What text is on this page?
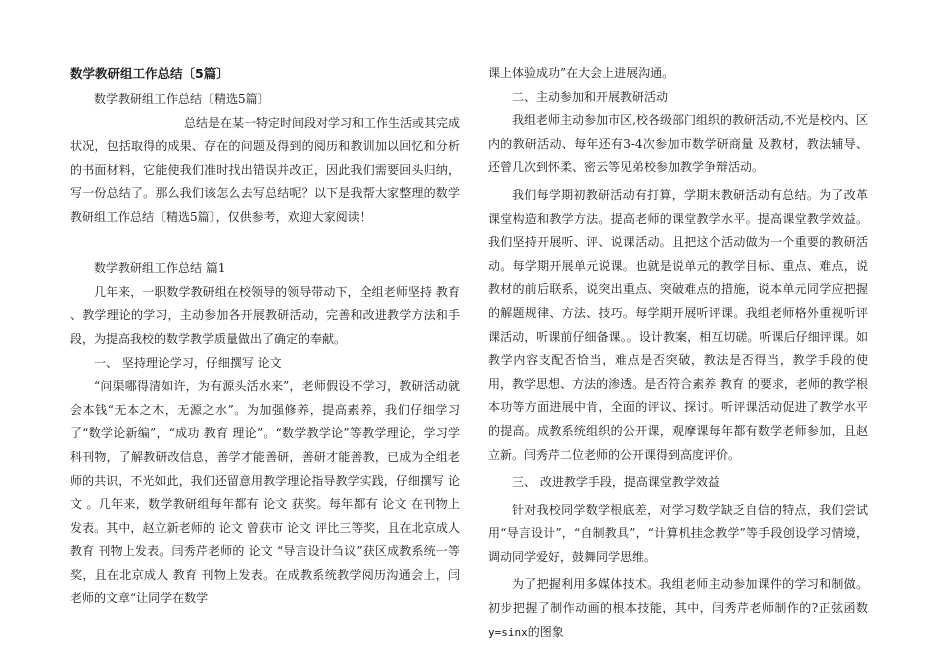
数学教研组工作总结〔5篇〕

数学教研组工作总结〔精选5篇〕

总结是在某一特定时间段对学习和工作生活或其完成状况，包括取得的成果、存在的问题及得到的阅历和教训加以回忆和分析的书面材料，它能使我们准时找出错误并改正，因此我们需要回头归纳，写一份总结了。那么我们该怎么去写总结呢？以下是我帮大家整理的数学教研组工作总结〔精选5篇〕，仅供参考，欢迎大家阅读！

数学教研组工作总结 篇1

几年来，一职数学教研组在校领导的领导带动下，全组老师坚持 教育 、教学理论的学习，主动参加各开展教研活动，完善和改进教学方法和手段，为提高我校的数学教学质量做出了确定的奉献。

一、 坚持理论学习，仔细撰写 论文

“问渠哪得清如许，为有源头活水来”，老师假设不学习，教研活动就会本钱“无本之木，无源之水”。为加强修养，提高素养，我们仔细学习了“数学论新编”，“成功 教育 理论”。“数学教学论”等教学理论，学习学科刊物，了解教研改信息，善学才能善研，善研才能善教，已成为全组老师的共识，不光如此，我们还留意用教学理论指导教学实践，仔细撰写 论文 。几年来，数学教研组每年都有 论文 获奖。每年都有 论文 在刊物上发表。其中，赵立新老师的 论文 曾获市 论文 评比三等奖，且在北京成人 教育 刊物上发表。闫秀芹老师的 论文 “导言设计刍议”获区成教系统一等奖，且在北京成人 教育 刊物上发表。在成教系统教学阅历沟通会上，闫老师的文章“让同学在数学

课上体验成功”在大会上进展沟通。

二、主动参加和开展教研活动

我组老师主动参加市区,校各级部门组织的教研活动,不光是校内、区内的教研活动、每年还有3-4次参加市数学研商量 及教材，教法辅导、还曾几次到怀柔、密云等见弟校参加教学争辩活动。

我们每学期初教研活动有打算，学期末教研活动有总结。为了改革课堂构造和教学方法。提高老师的课堂教学水平。提高课堂教学效益。我们坚持开展听、评、说课活动。且把这个活动做为一个重要的教研活动。每学期开展单元说课。也就是说单元的教学目标、重点、难点，说教材的前后联系，说突出重点、突破难点的措施，说本单元同学应把握的解题规律、方法、技巧。每学期开展听评课。我组老师格外重视听评课活动，听课前仔细备课。。设计教案，相互切磋。听课后仔细评课。如教学内容支配否恰当，难点是否突破，教法是否得当，教学手段的使用，教学思想、方法的渗透。是否符合素养 教育 的要求，老师的教学根本功等方面进展中肯，全面的评议、探讨。听评课活动促进了教学水平的提高。成教系统组织的公开课，观摩课每年都有数学老师参加，且赵立新。闫秀芹二位老师的公开课得到高度评价。

三、 改进教学手段，提高课堂教学效益

针对我校同学数学根底差，对学习数学缺乏自信的特点，我们尝试用“导言设计”，“自制教具”，“计算机挂念教学”等手段创设学习情境，调动同学爱好，鼓舞同学思维。

为了把握利用多媒体技术。我组老师主动参加课件的学习和制做。初步把握了制作动画的根本技能，其中，闫秀芹老师制作的?正弦函数y=sinx的图象
